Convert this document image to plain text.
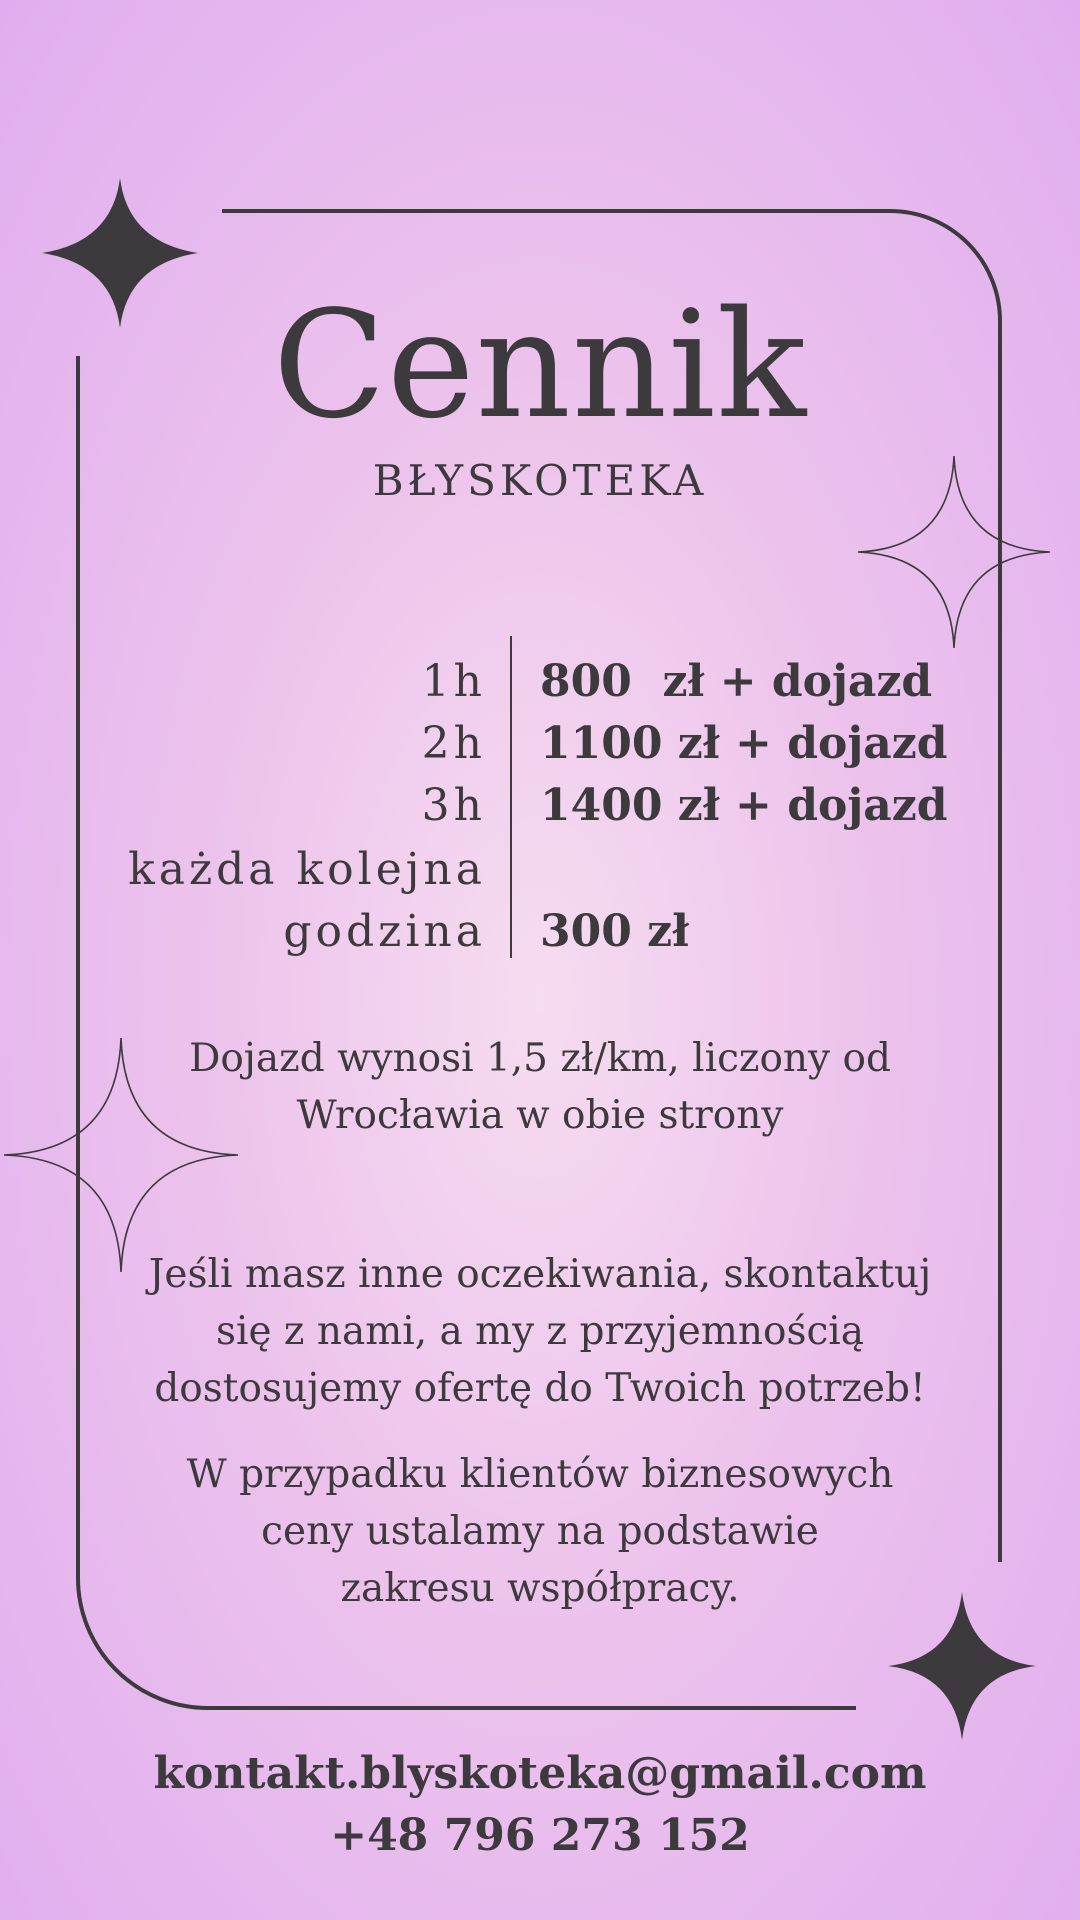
Cennik
BŁYSKOTEKA
1h 800  zł + dojazd
2h 1100 zł + dojazd
3h 1400 zł + dojazd
każda kolejna
godzina 300 zł
Dojazd wynosi 1,5 zł/km, liczony od
Wrocławia w obie strony
Jeśli masz inne oczekiwania, skontaktuj
się z nami, a my z przyjemnością
dostosujemy ofertę do Twoich potrzeb!
W przypadku klientów biznesowych
ceny ustalamy na podstawie
zakresu współpracy.
kontakt.blyskoteka@gmail.com
+48 796 273 152
